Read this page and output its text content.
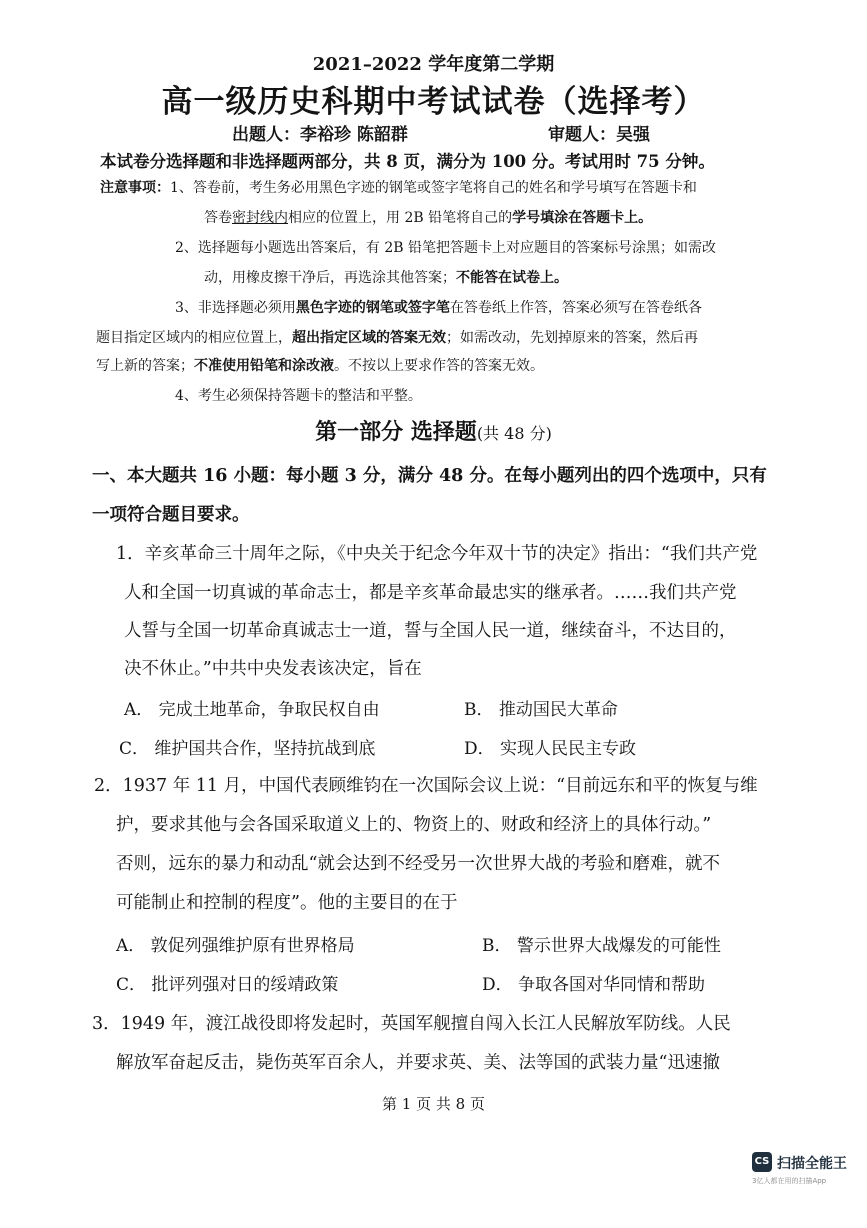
2021–2022 学年度第二学期
高一级历史科期中考试试卷（选择考）
出题人：李裕珍 陈韶群	审题人：吴强
本试卷分选择题和非选择题两部分，共 8 页，满分为 100 分。考试用时 75 分钟。
注意事项：1、答卷前，考生务必用黑色字迹的钢笔或签字笔将自己的姓名和学号填写在答题卡和
答卷密封线内相应的位置上，用 2B 铅笔将自己的学号填涂在答题卡上。
2、选择题每小题选出答案后，有 2B 铅笔把答题卡上对应题目的答案标号涂黑；如需改
动，用橡皮擦干净后，再选涂其他答案；不能答在试卷上。
3、非选择题必须用黑色字迹的钢笔或签字笔在答卷纸上作答，答案必须写在答卷纸各
题目指定区域内的相应位置上，超出指定区域的答案无效；如需改动，先划掉原来的答案，然后再
写上新的答案；不准使用铅笔和涂改液。不按以上要求作答的答案无效。
4、考生必须保持答题卡的整洁和平整。
第一部分 选择题(共 48 分)
一、本大题共 16 小题：每小题 3 分，满分 48 分。在每小题列出的四个选项中，只有
一项符合题目要求。
1．辛亥革命三十周年之际，《中央关于纪念今年双十节的决定》指出：“我们共产党
人和全国一切真诚的革命志士，都是辛亥革命最忠实的继承者。……我们共产党
人誓与全国一切革命真诚志士一道，誓与全国人民一道，继续奋斗，不达目的，
决不休止。”中共中央发表该决定，旨在
A． 完成土地革命，争取民权自由	B． 推动国民大革命
C． 维护国共合作，坚持抗战到底	D． 实现人民民主专政
2．1937 年 11 月，中国代表顾维钧在一次国际会议上说：“目前远东和平的恢复与维
护，要求其他与会各国采取道义上的、物资上的、财政和经济上的具体行动。”
否则，远东的暴力和动乱“就会达到不经受另一次世界大战的考验和磨难，就不
可能制止和控制的程度”。他的主要目的在于
A． 敦促列强维护原有世界格局	B． 警示世界大战爆发的可能性
C． 批评列强对日的绥靖政策	D． 争取各国对华同情和帮助
3．1949 年，渡江战役即将发起时，英国军舰擅自闯入长江人民解放军防线。人民
解放军奋起反击，毙伤英军百余人，并要求英、美、法等国的武装力量“迅速撤
第 1 页 共 8 页
CS 扫描全能王
3亿人都在用的扫描App
